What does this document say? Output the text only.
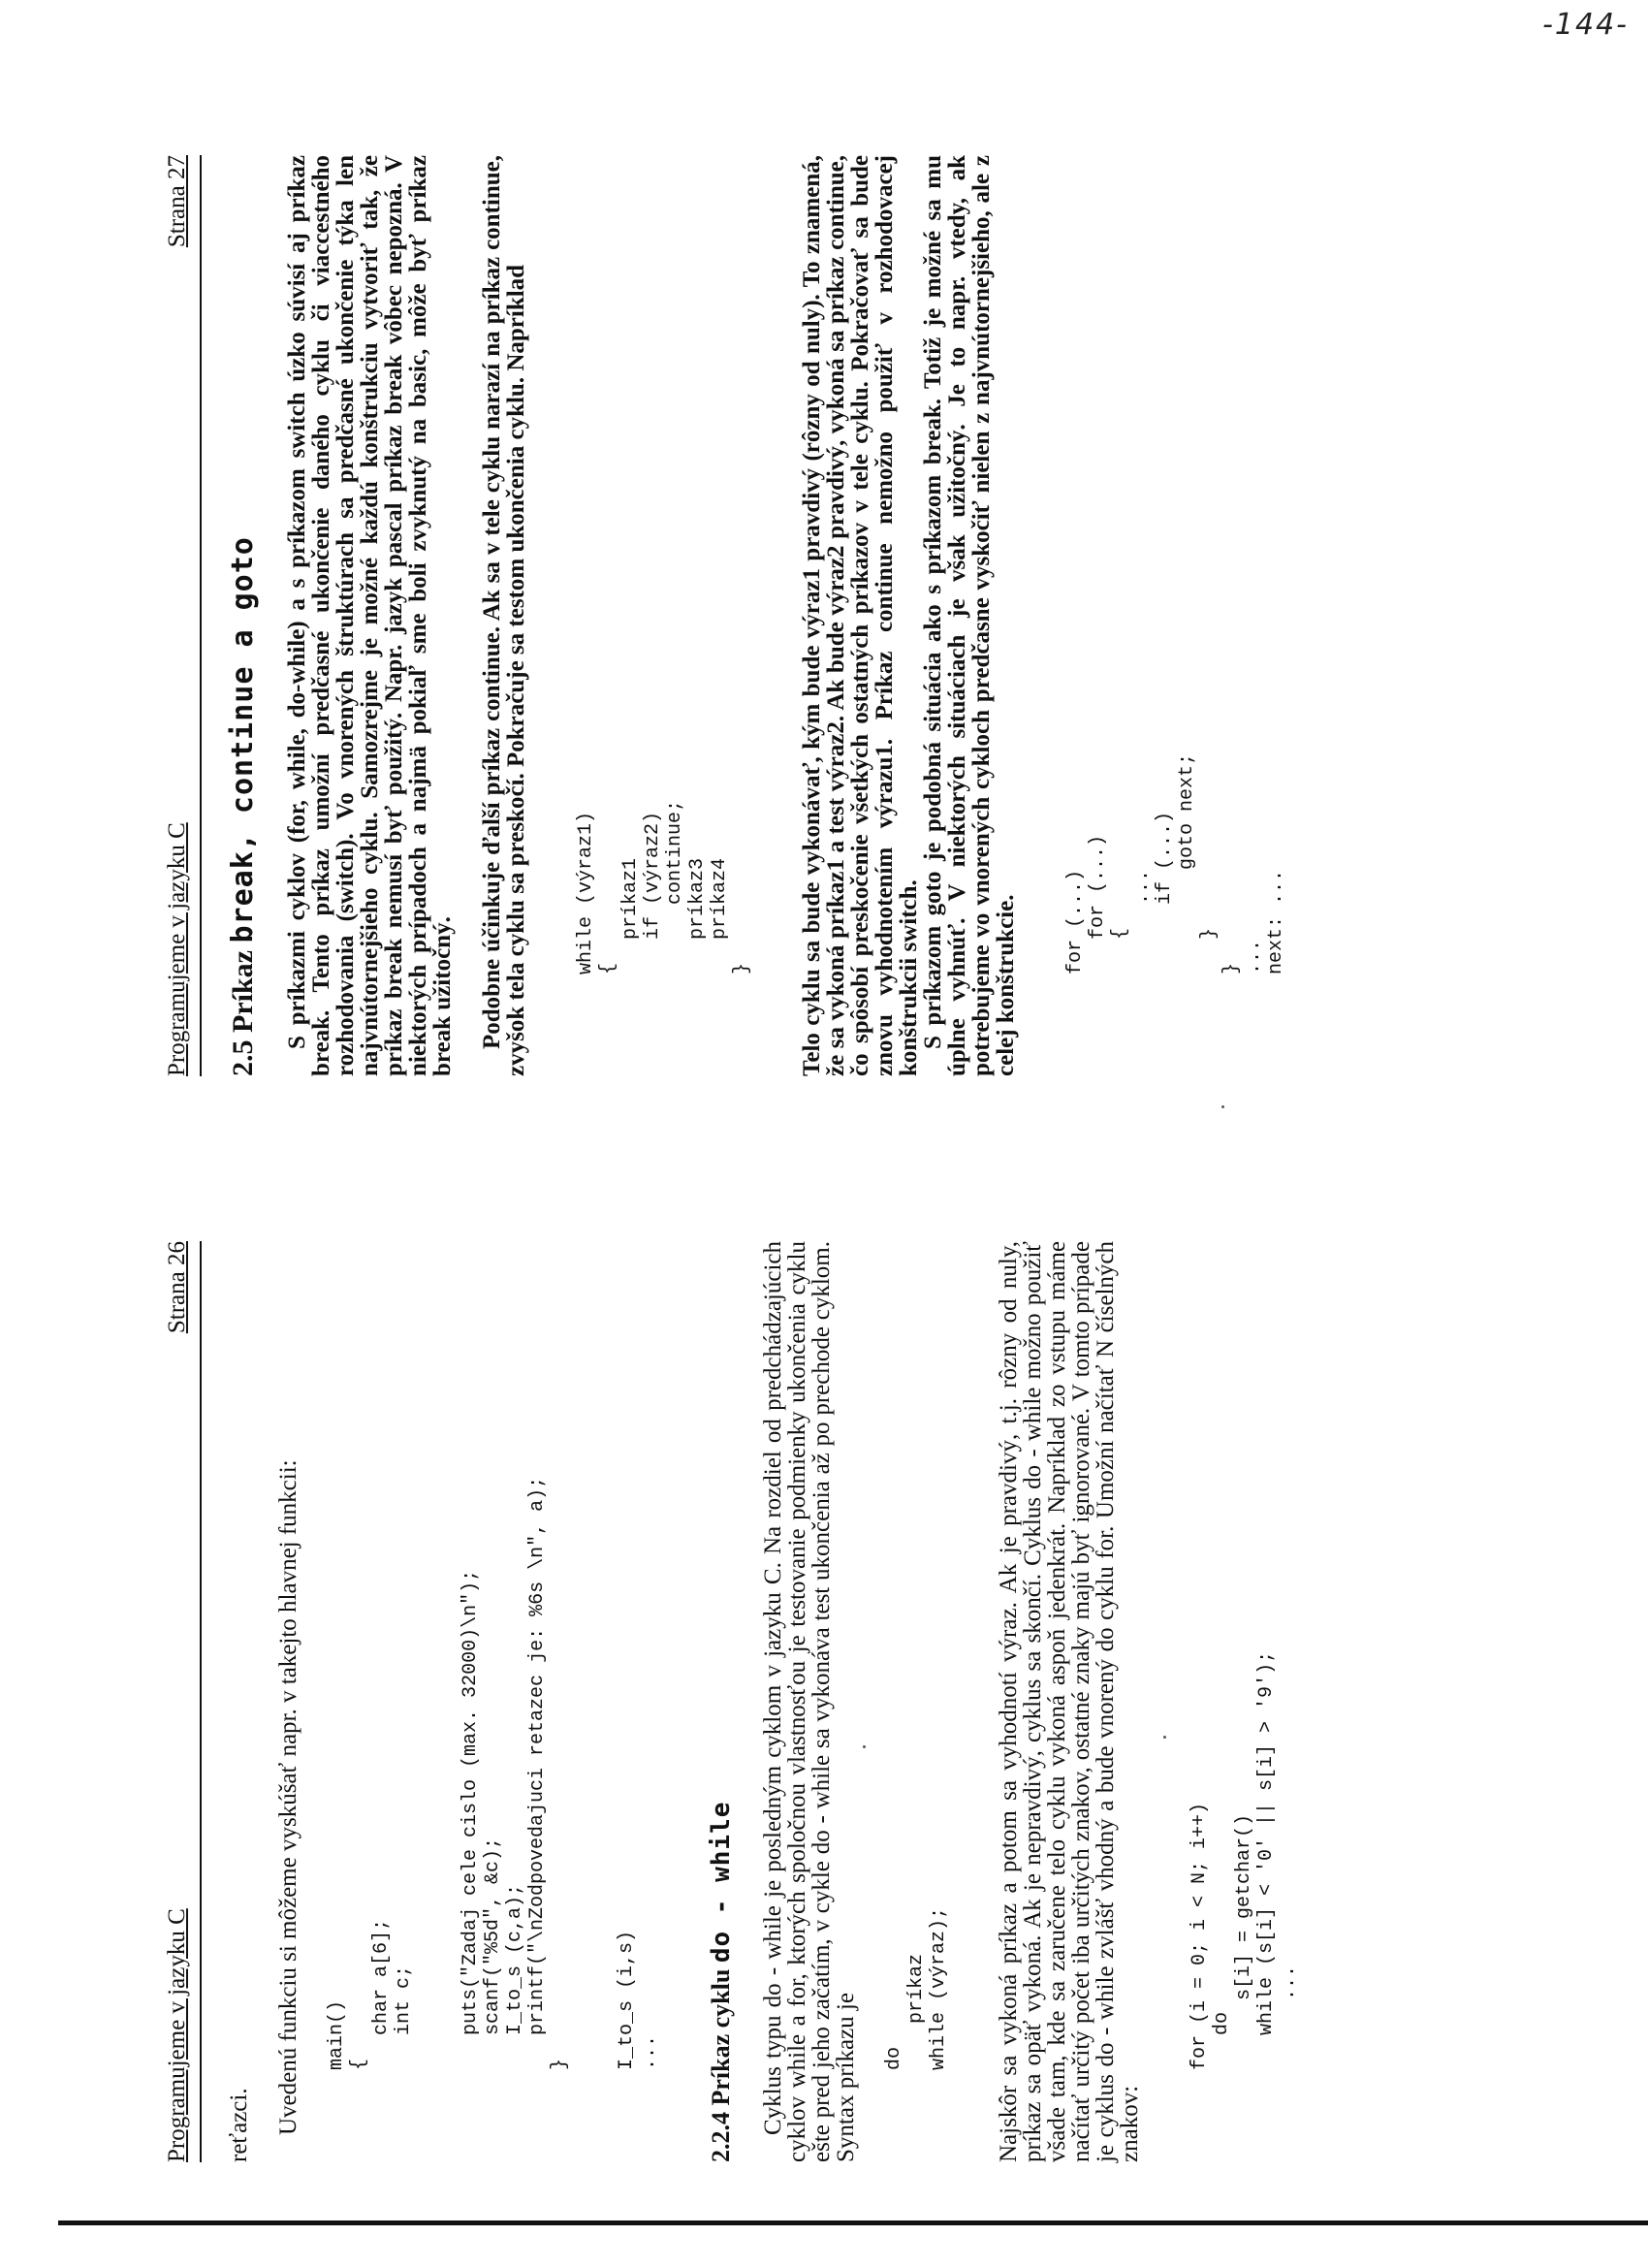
-144-
Programujeme v jazyku C
Strana 27
2.5 Príkaz break, continue a goto S príkazmi cyklov (for, while, do-while) a s príkazom switch úzko súvisí aj príkaz break. Tento príkaz umožní predčasné ukončenie daného cyklu či viaccestného rozhodovania (switch). Vo vnorených štruktúrach sa predčasné ukončenie týka len najvnútornejšieho cyklu. Samozrejme je možné každú konštrukciu vytvoriť tak, že príkaz break nemusí byť použitý. Napr. jazyk pascal príkaz break vôbec nepozná. V niektorých prípadoch a najmä pokiaľ sme boli zvyknutý na basic, môže byť príkaz break užitočný. Podobne účinkuje ďalší príkaz continue. Ak sa v tele cyklu narazí na príkaz continue, zvyšok tela cyklu sa preskočí. Pokračuje sa testom ukončenia cyklu. Napríklad while (výraz1)
{
príkaz1
if (výraz2)
continue;
príkaz3
príkaz4
} Telo cyklu sa bude vykonávať, kým bude výraz1 pravdivý (rôzny od nuly). To znamená, že sa vykoná príkaz1 a test výraz2. Ak bude výraz2 pravdivý, vykoná sa príkaz continue, čo spôsobí preskočenie všetkých ostatných príkazov v tele cyklu. Pokračovať sa bude znovu vyhodnotením výrazu1. Príkaz continue nemožno použiť v rozhodovacej konštrukcii switch.

S príkazom goto je podobná situácia ako s príkazom break. Totiž je možné sa mu úplne vyhnúť. V niektorých situáciach je však užitočný. Je to napr. vtedy, ak potrebujeme vo vnorených cykloch predčasne vyskočiť nielen z najvnútornejšieho, ale z celej konštrukcie. for (...)
for (...)
{
...
if (...)
goto next;
}
}
...
next: ...
Programujeme v jazyku C
Strana 26

reťazci. Uvedenú funkciu si môžeme vyskúšať napr. v takejto hlavnej funkcii: main()
{
char a[6];
int c;

puts("Zadaj cele cislo (max. 32000)\n");
scanf("%5d", &c);
I_to_s (c,a);
printf("\nZodpovedajuci retazec je: %6s \n", a);
}

I_to_s (i,s)
... 2.2.4 Príkaz cyklu do - while Cyklus typu do - while je posledným cyklom v jazyku C. Na rozdiel od predchádzajúcich cyklov while a for, ktorých spoločnou vlastnosťou je testovanie podmienky ukončenia cyklu ešte pred jeho začatím, v cykle do - while sa vykonáva test ukončenia až po prechode cyklom. Syntax príkazu je do
príkaz
while (výraz); Najskôr sa vykoná príkaz a potom sa vyhodnotí výraz. Ak je pravdivý, t.j. rôzny od nuly, príkaz sa opäť vykoná. Ak je nepravdivý, cyklus sa skončí. Cyklus do - while možno použiť všade tam, kde sa zaručene telo cyklu vykoná aspoň jedenkrát. Napríklad zo vstupu máme načítať určitý počet iba určitých znakov, ostatné znaky majú byť ignorované. V tomto prípade je cyklus do - while zvlášť vhodný a bude vnorený do cyklu for. Umožní načítať N číselných znakov:

for (i = 0; i < N; i++)
do
s[i] = getchar()
while (s[i] < '0' || s[i] > '9');
...
